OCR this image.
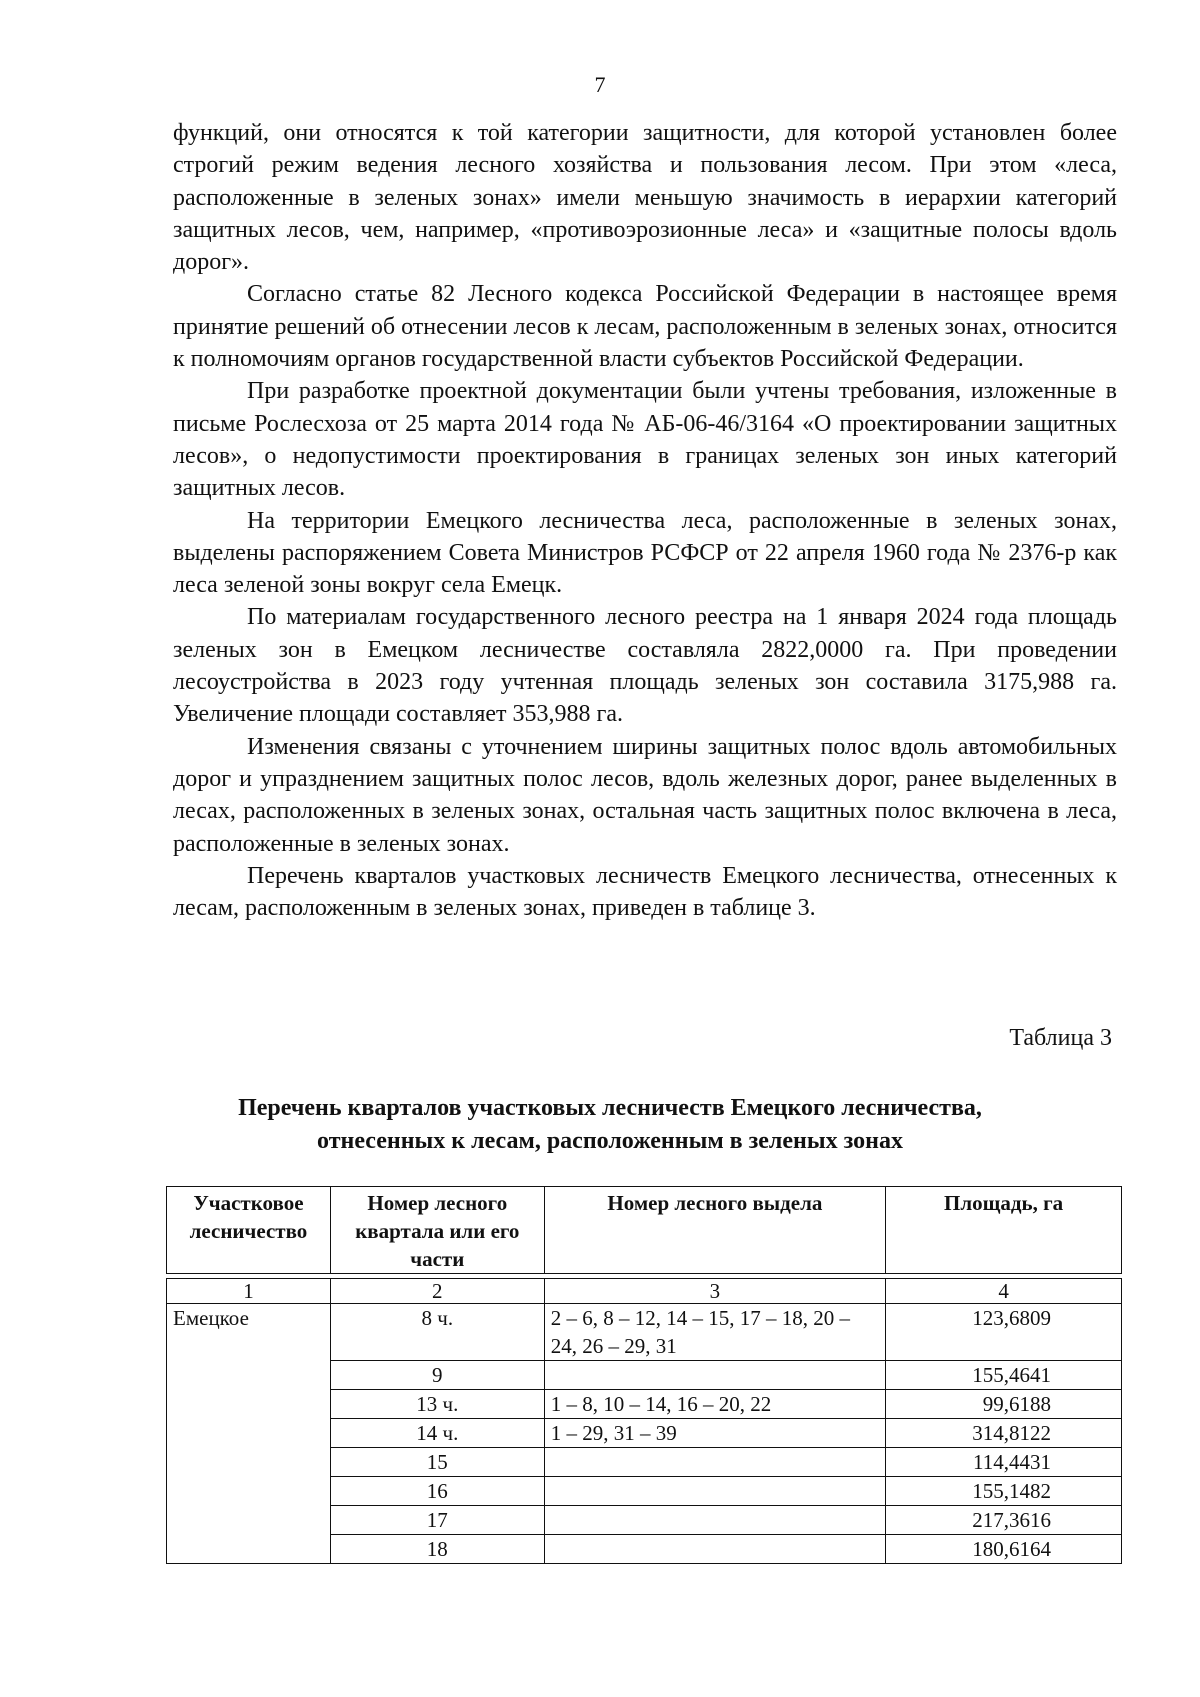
7

функций, они относятся к той категории защитности, для которой установлен более строгий режим ведения лесного хозяйства и пользования лесом. При этом «леса, расположенные в зеленых зонах» имели меньшую значимость в иерархии категорий защитных лесов, чем, например, «противоэрозионные леса» и «защитные полосы вдоль дорог».

Согласно статье 82 Лесного кодекса Российской Федерации в настоящее время принятие решений об отнесении лесов к лесам, расположенным в зеленых зонах, относится к полномочиям органов государственной власти субъектов Российской Федерации.

При разработке проектной документации были учтены требования, изложенные в письме Рослесхоза от 25 марта 2014 года № АБ-06-46/3164 «О проектировании защитных лесов», о недопустимости проектирования в границах зеленых зон иных категорий защитных лесов.

На территории Емецкого лесничества леса, расположенные в зеленых зонах, выделены распоряжением Совета Министров РСФСР от 22 апреля 1960 года № 2376-р как леса зеленой зоны вокруг села Емецк.

По материалам государственного лесного реестра на 1 января 2024 года площадь зеленых зон в Емецком лесничестве составляла 2822,0000 га. При проведении лесоустройства в 2023 году учтенная площадь зеленых зон составила 3175,988 га. Увеличение площади составляет 353,988 га.

Изменения связаны с уточнением ширины защитных полос вдоль автомобильных дорог и упразднением защитных полос лесов, вдоль железных дорог, ранее выделенных в лесах, расположенных в зеленых зонах, остальная часть защитных полос включена в леса, расположенные в зеленых зонах.

Перечень кварталов участковых лесничеств Емецкого лесничества, отнесенных к лесам, расположенным в зеленых зонах, приведен в таблице 3.

Таблица 3
Перечень кварталов участковых лесничеств Емецкого лесничества,
отнесенных к лесам, расположенным в зеленых зонах
Участковое лесничество	Номер лесного квартала или его части	Номер лесного выдела	Площадь, га

1	2	3	4
Емецкое	8 ч.	2 – 6, 8 – 12, 14 – 15, 17 – 18, 20 – 24, 26 – 29, 31	123,6809
	9		155,4641
	13 ч.	1 – 8, 10 – 14, 16 – 20, 22	99,6188
	14 ч.	1 – 29, 31 – 39	314,8122
	15		114,4431
	16		155,1482
	17		217,3616
	18		180,6164
